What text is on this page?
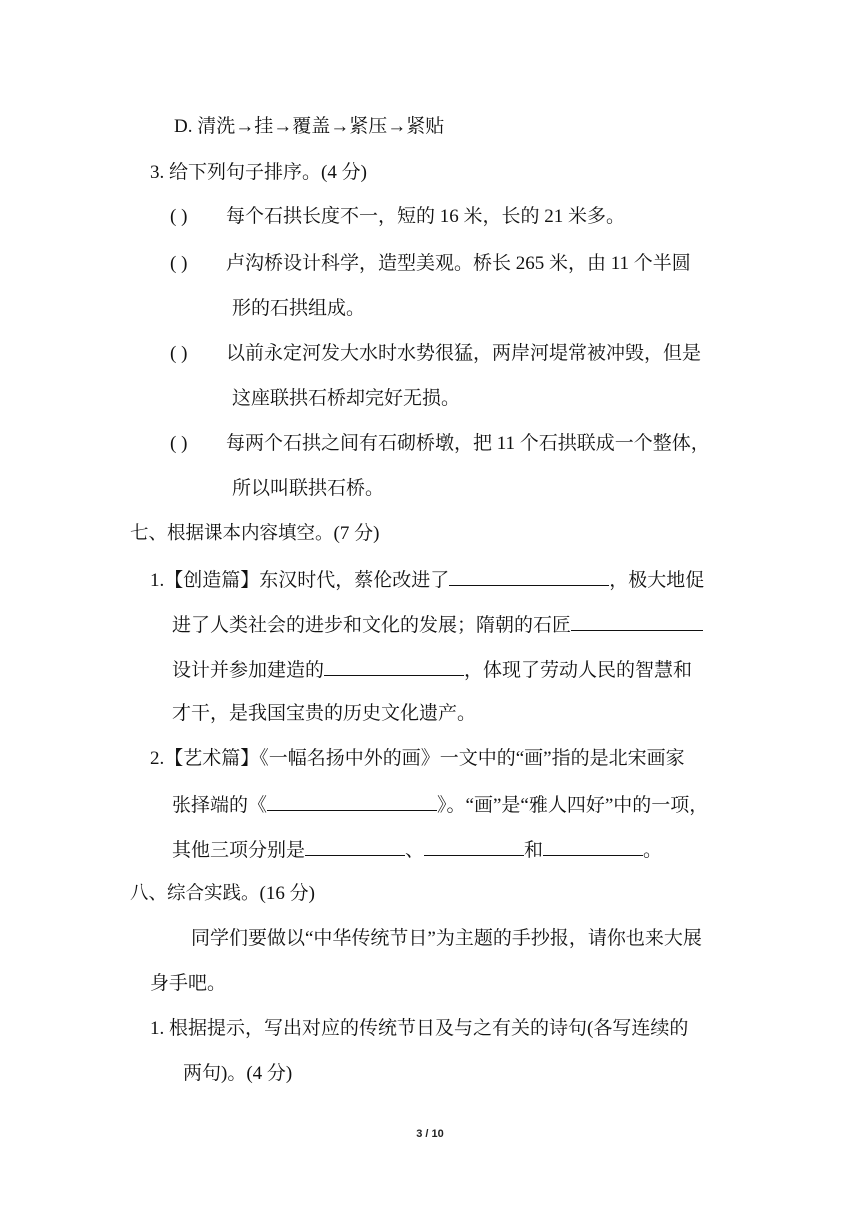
D. 清洗→挂→覆盖→紧压→紧贴
3. 给下列句子排序。(4 分)
( ) 每个石拱长度不一，短的 16 米，长的 21 米多。
( ) 卢沟桥设计科学，造型美观。桥长 265 米，由 11 个半圆
形的石拱组成。
( ) 以前永定河发大水时水势很猛，两岸河堤常被冲毁，但是
这座联拱石桥却完好无损。
( ) 每两个石拱之间有石砌桥墩，把 11 个石拱联成一个整体，
所以叫联拱石桥。
七、根据课本内容填空。(7 分)
1.【创造篇】东汉时代，蔡伦改进了	，极大地促
进了人类社会的进步和文化的发展；隋朝的石匠
设计并参加建造的	，体现了劳动人民的智慧和
才干，是我国宝贵的历史文化遗产。
2.【艺术篇】《一幅名扬中外的画》一文中的“画”指的是北宋画家
张择端的《	》。“画”是“雅人四好”中的一项，
其他三项分别是	、	和	。
八、综合实践。(16 分)
同学们要做以“中华传统节日”为主题的手抄报，请你也来大展
身手吧。
1. 根据提示，写出对应的传统节日及与之有关的诗句(各写连续的
两句)。(4 分)
3 / 10
